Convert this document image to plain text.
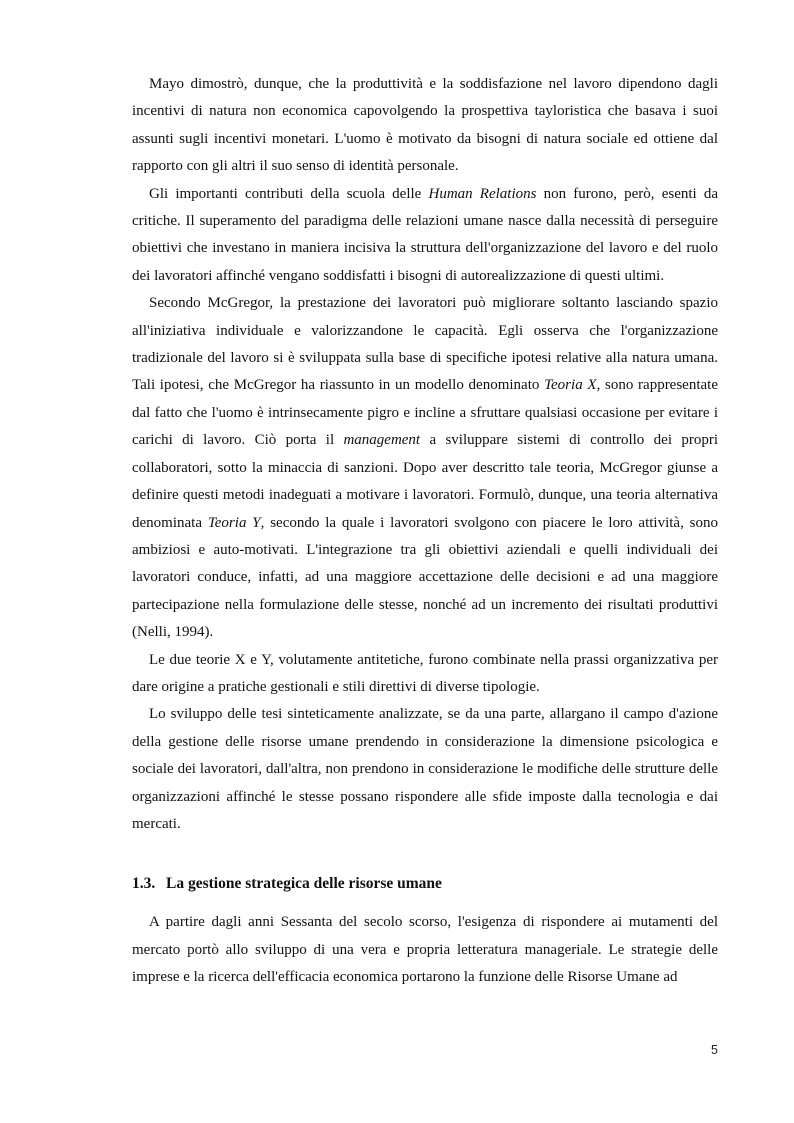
Mayo dimostrò, dunque, che la produttività e la soddisfazione nel lavoro dipendono dagli incentivi di natura non economica capovolgendo la prospettiva tayloristica che basava i suoi assunti sugli incentivi monetari. L'uomo è motivato da bisogni di natura sociale ed ottiene dal rapporto con gli altri il suo senso di identità personale.

Gli importanti contributi della scuola delle Human Relations non furono, però, esenti da critiche. Il superamento del paradigma delle relazioni umane nasce dalla necessità di perseguire obiettivi che investano in maniera incisiva la struttura dell'organizzazione del lavoro e del ruolo dei lavoratori affinché vengano soddisfatti i bisogni di autorealizzazione di questi ultimi.

Secondo McGregor, la prestazione dei lavoratori può migliorare soltanto lasciando spazio all'iniziativa individuale e valorizzandone le capacità. Egli osserva che l'organizzazione tradizionale del lavoro si è sviluppata sulla base di specifiche ipotesi relative alla natura umana. Tali ipotesi, che McGregor ha riassunto in un modello denominato Teoria X, sono rappresentate dal fatto che l'uomo è intrinsecamente pigro e incline a sfruttare qualsiasi occasione per evitare i carichi di lavoro. Ciò porta il management a sviluppare sistemi di controllo dei propri collaboratori, sotto la minaccia di sanzioni. Dopo aver descritto tale teoria, McGregor giunse a definire questi metodi inadeguati a motivare i lavoratori. Formulò, dunque, una teoria alternativa denominata Teoria Y, secondo la quale i lavoratori svolgono con piacere le loro attività, sono ambiziosi e auto-motivati. L'integrazione tra gli obiettivi aziendali e quelli individuali dei lavoratori conduce, infatti, ad una maggiore accettazione delle decisioni e ad una maggiore partecipazione nella formulazione delle stesse, nonché ad un incremento dei risultati produttivi (Nelli, 1994).

Le due teorie X e Y, volutamente antitetiche, furono combinate nella prassi organizzativa per dare origine a pratiche gestionali e stili direttivi di diverse tipologie.

Lo sviluppo delle tesi sinteticamente analizzate, se da una parte, allargano il campo d'azione della gestione delle risorse umane prendendo in considerazione la dimensione psicologica e sociale dei lavoratori, dall'altra, non prendono in considerazione le modifiche delle strutture delle organizzazioni affinché le stesse possano rispondere alle sfide imposte dalla tecnologia e dai mercati.

1.3. La gestione strategica delle risorse umane

A partire dagli anni Sessanta del secolo scorso, l'esigenza di rispondere ai mutamenti del mercato portò allo sviluppo di una vera e propria letteratura manageriale. Le strategie delle imprese e la ricerca dell'efficacia economica portarono la funzione delle Risorse Umane ad

5
